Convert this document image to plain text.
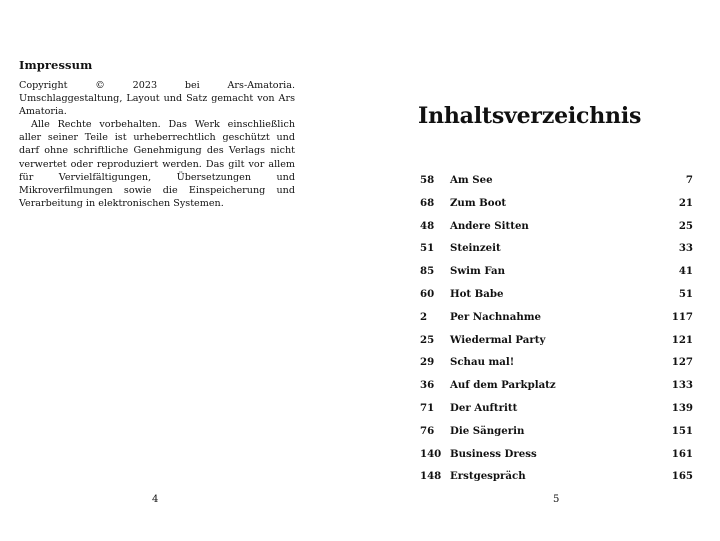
Impressum

Copyright © 2023 bei Ars-Amatoria. Umschlaggestaltung, Layout und Satz gemacht von Ars Amatoria.

Alle Rechte vorbehalten. Das Werk einschließlich aller seiner Teile ist urheberrechtlich geschützt und darf ohne schriftliche Genehmigung des Verlags nicht verwertet oder reproduziert werden. Das gilt vor allem für Vervielfältigungen, Übersetzungen und Mikroverfilmungen sowie die Einspeicherung und Verarbeitung in elektronischen Systemen.

4
Inhaltsverzeichnis
58 Am See	7
68 Zum Boot	21
48 Andere Sitten	25
51 Steinzeit	33
85 Swim Fan	41
60 Hot Babe	51
2 Per Nachnahme	117
25 Wiedermal Party	121
29 Schau mal!	127
36 Auf dem Parkplatz	133
71 Der Auftritt	139
76 Die Sängerin	151
140 Business Dress	161
148 Erstgespräch	165
5
